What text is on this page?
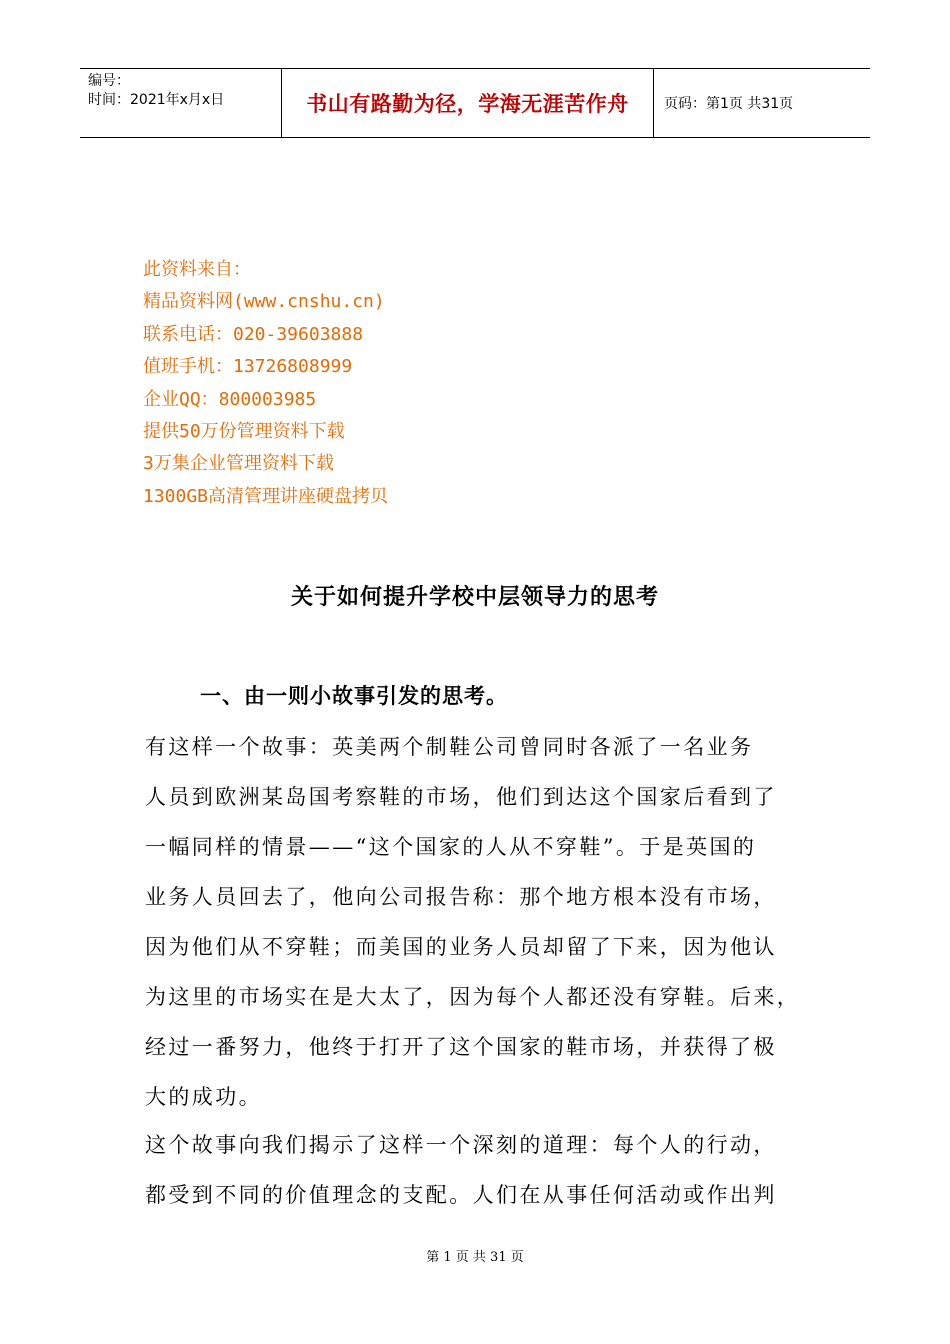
编号：
时间：2021年x月x日	书山有路勤为径，学海无涯苦作舟	页码：第1页 共31页
此资料来自：
精品资料网(www.cnshu.cn)
联系电话：020-39603888
值班手机：13726808999
企业QQ：800003985
提供50万份管理资料下载
3万集企业管理资料下载
1300GB高清管理讲座硬盘拷贝
关于如何提升学校中层领导力的思考
一、由一则小故事引发的思考。
有这样一个故事：英美两个制鞋公司曾同时各派了一名业务
人员到欧洲某岛国考察鞋的市场，他们到达这个国家后看到了
一幅同样的情景——“这个国家的人从不穿鞋”。于是英国的
业务人员回去了，他向公司报告称：那个地方根本没有市场，
因为他们从不穿鞋；而美国的业务人员却留了下来，因为他认
为这里的市场实在是大太了，因为每个人都还没有穿鞋。后来，
经过一番努力，他终于打开了这个国家的鞋市场，并获得了极
大的成功。
这个故事向我们揭示了这样一个深刻的道理：每个人的行动，
都受到不同的价值理念的支配。人们在从事任何活动或作出判
第 1 页 共 31 页
